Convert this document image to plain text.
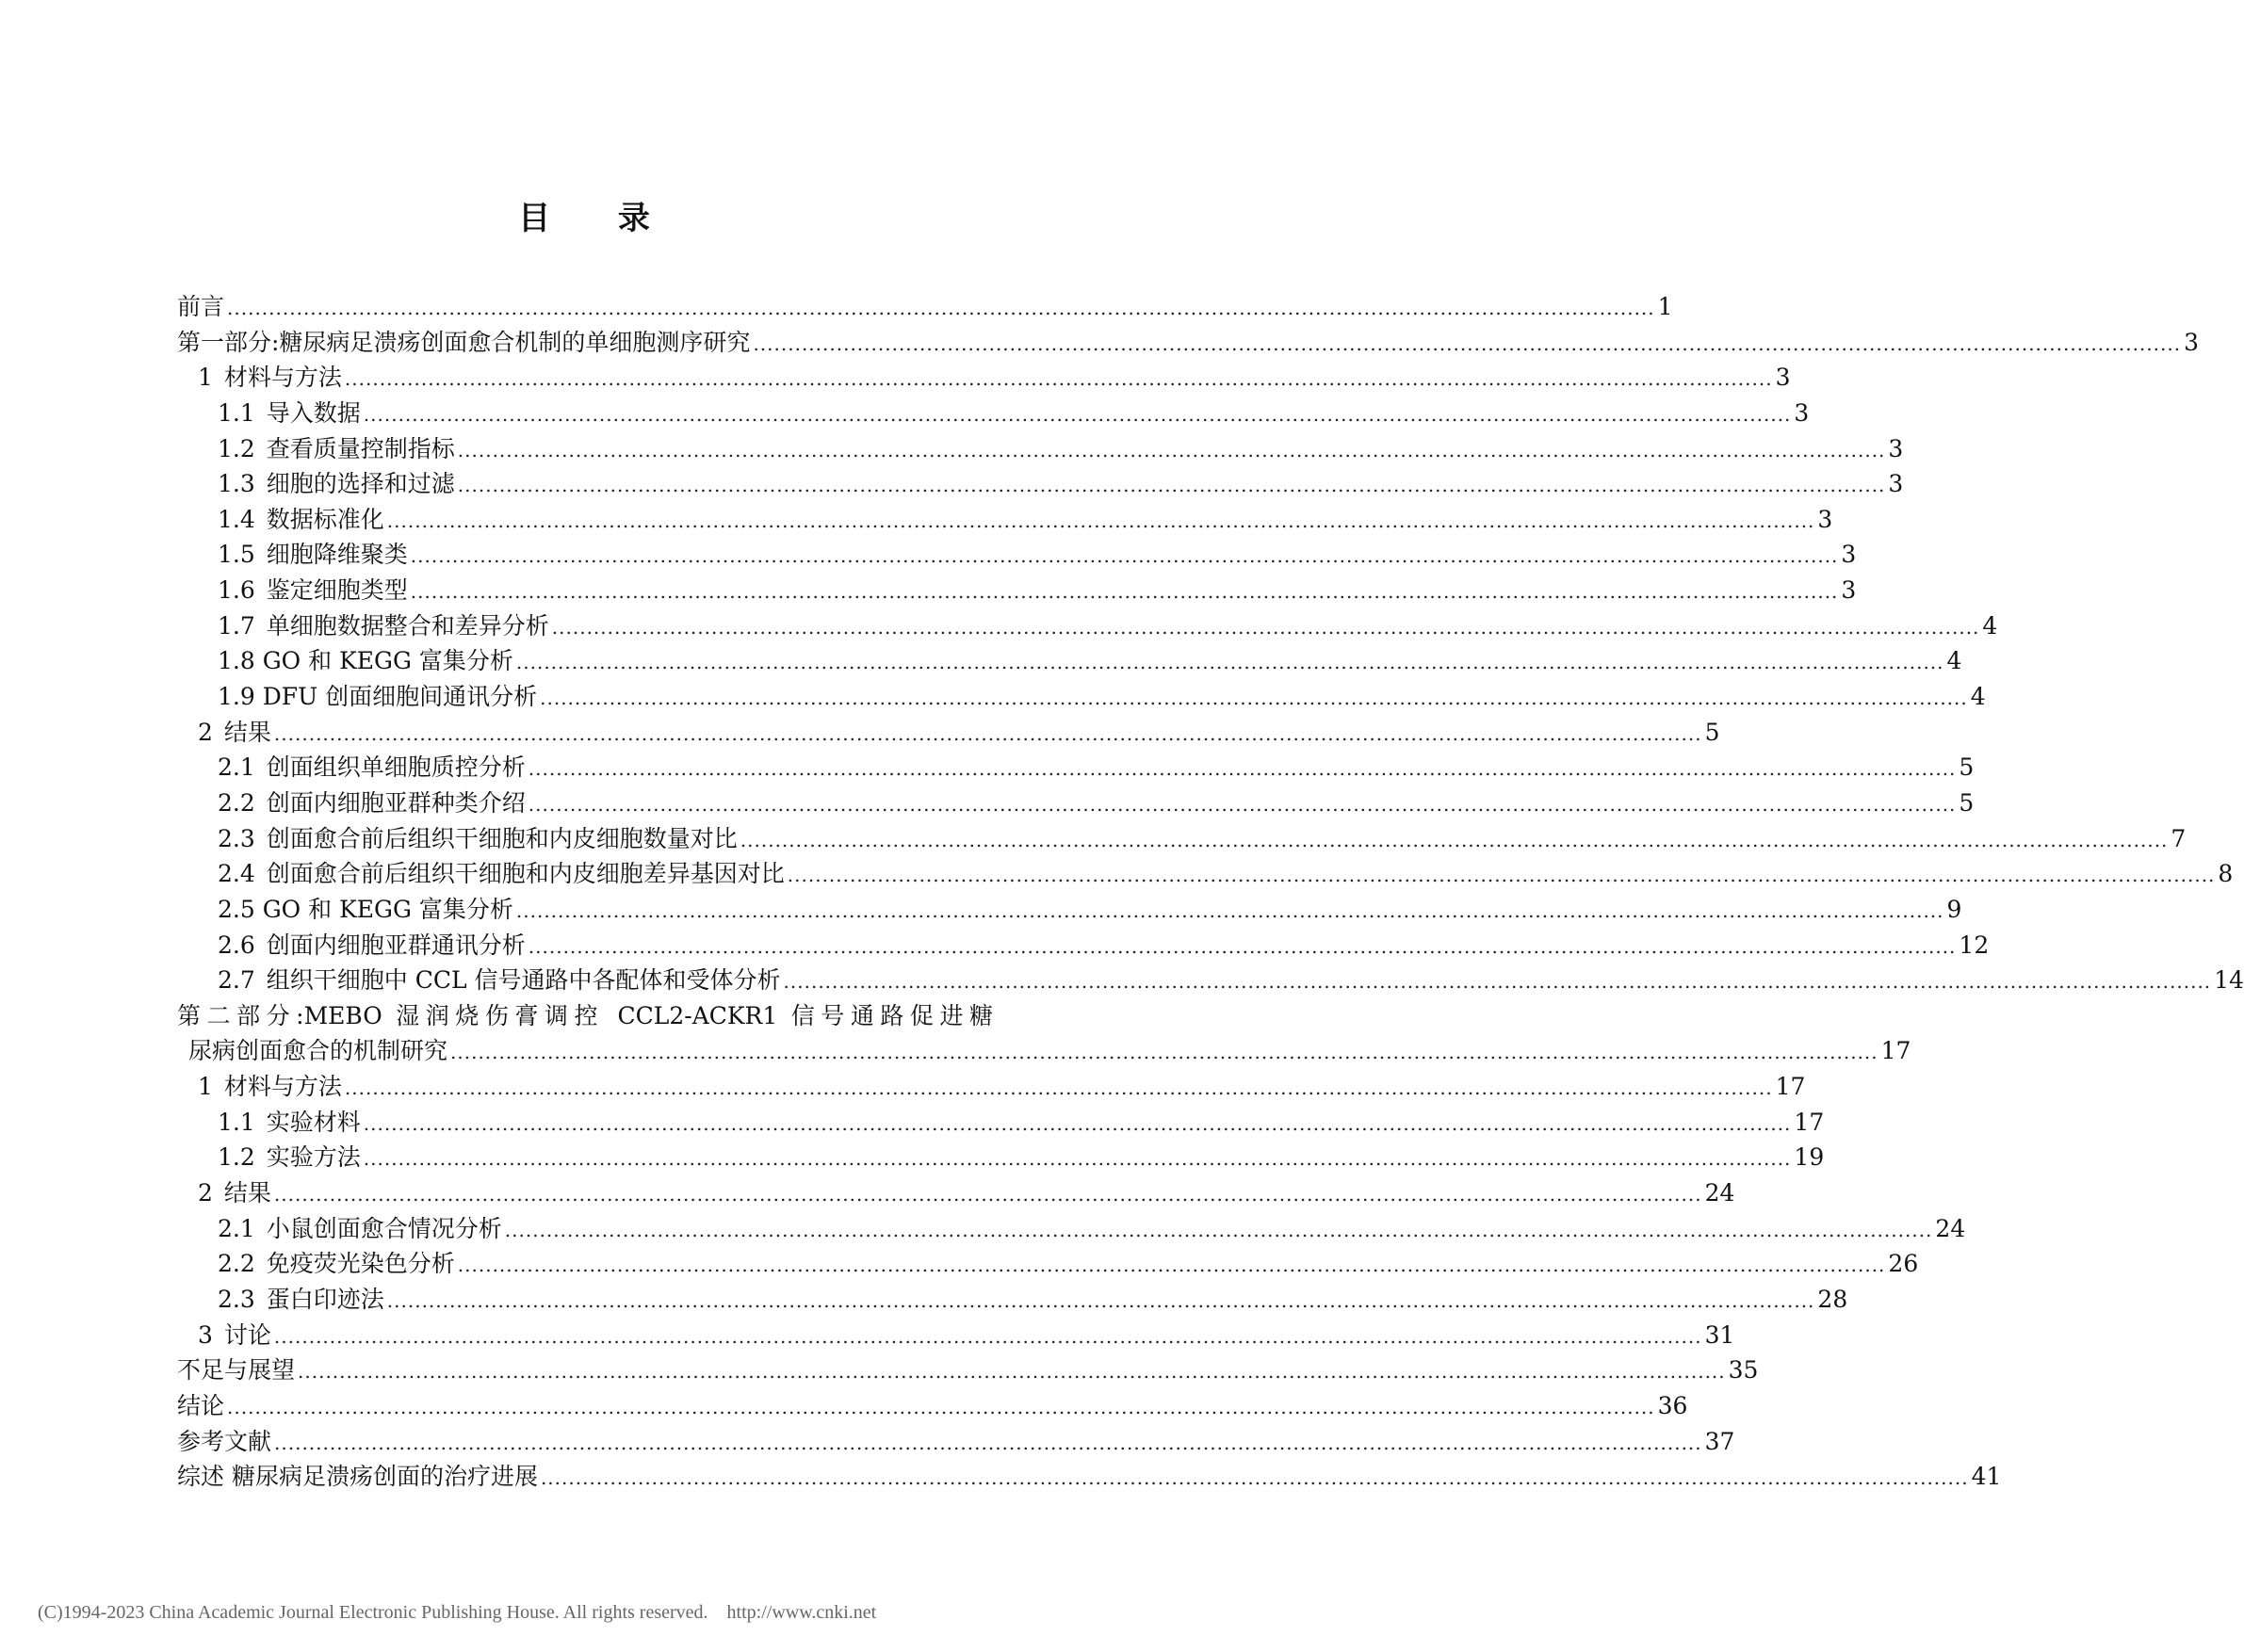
目 录
前言 .....	1
第一部分:糖尿病足溃疡创面愈合机制的单细胞测序研究 .....	3
1 材料与方法 .....	3
1.1 导入数据 .....	3
1.2 查看质量控制指标 .....	3
1.3 细胞的选择和过滤 .....	3
1.4 数据标准化 .....	3
1.5 细胞降维聚类 .....	3
1.6 鉴定细胞类型 .....	3
1.7 单细胞数据整合和差异分析 .....	4
1.8 GO 和 KEGG 富集分析 .....	4
1.9 DFU 创面细胞间通讯分析 .....	4
2 结果 .....	5
2.1 创面组织单细胞质控分析 .....	5
2.2 创面内细胞亚群种类介绍 .....	5
2.3 创面愈合前后组织干细胞和内皮细胞数量对比 .....	7
2.4 创面愈合前后组织干细胞和内皮细胞差异基因对比 .....	8
2.5 GO 和 KEGG 富集分析 .....	9
2.6 创面内细胞亚群通讯分析 .....	12
2.7 组织干细胞中 CCL 信号通路中各配体和受体分析 .....	14
第二部分:MEBO 湿润烧伤膏调控 CCL2-ACKR1 信号通路促进糖
尿病创面愈合的机制研究 .....	17
1 材料与方法 .....	17
1.1 实验材料 .....	17
1.2 实验方法 .....	19
2 结果 .....	24
2.1 小鼠创面愈合情况分析 .....	24
2.2 免疫荧光染色分析 .....	26
2.3 蛋白印迹法 .....	28
3 讨论 .....	31
不足与展望 .....	35
结论 .....	36
参考文献 .....	37
综述 糖尿病足溃疡创面的治疗进展 .....	41
(C)1994-2023 China Academic Journal Electronic Publishing House. All rights reserved. http://www.cnki.net
